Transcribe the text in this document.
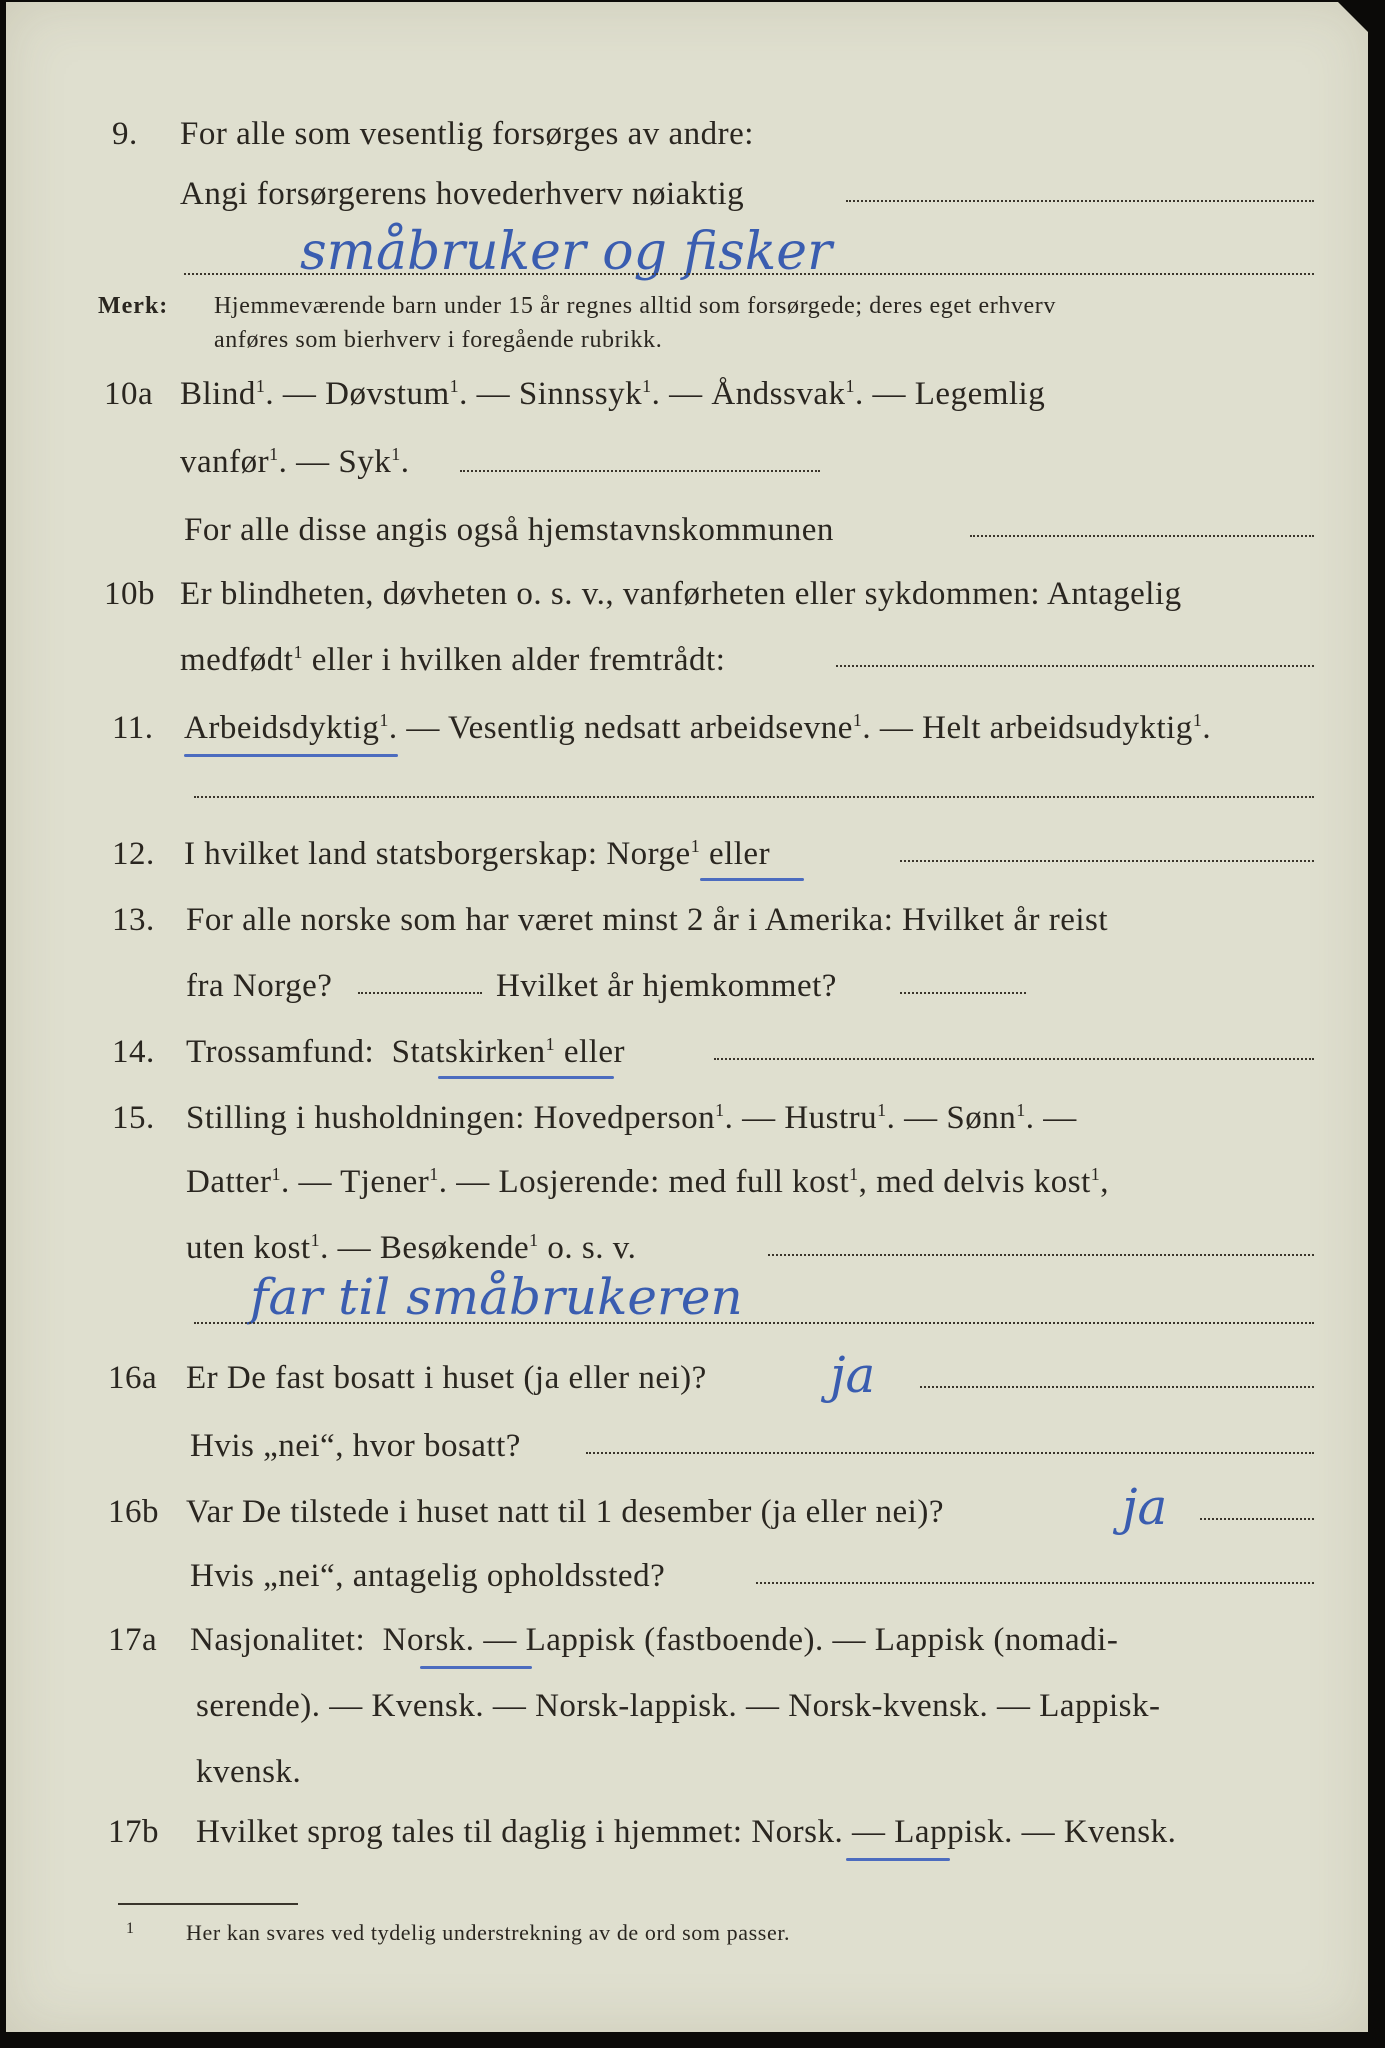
9. For alle som vesentlig forsørges av andre:
Angi forsørgerens hovederhverv nøiaktig
småbruker og fisker
Merk: Hjemmeværende barn under 15 år regnes alltid som forsørgede; deres eget erhverv
anføres som bierhverv i foregående rubrikk.
10a Blind$^1$. — Døvstum$^1$. — Sinnssyk$^1$. — Åndssvak$^1$. — Legemlig
vanfør$^1$. — Syk$^1$.
For alle disse angis også hjemstavnskommunen
10b Er blindheten, døvheten o. s. v., vanførheten eller sykdommen: Antagelig
medfødt$^1$ eller i hvilken alder fremtrådt:
11. Arbeidsdyktig$^1$. — Vesentlig nedsatt arbeidsevne$^1$. — Helt arbeidsudyktig$^1$.
12. I hvilket land statsborgerskap: Norge$^1$ eller
13. For alle norske som har været minst 2 år i Amerika: Hvilket år reist
fra Norge?	Hvilket år hjemkommet?
14. Trossamfund: Statskirken$^1$ eller
15. Stilling i husholdningen: Hovedperson$^1$. — Hustru$^1$. — Sønn$^1$. —
Datter$^1$. — Tjener$^1$. — Losjerende: med full kost$^1$, med delvis kost$^1$,
uten kost$^1$. — Besøkende$^1$ o. s. v.
far til småbrukeren
16a Er De fast bosatt i huset (ja eller nei)? ja
Hvis „nei“, hvor bosatt?
16b Var De tilstede i huset natt til 1 desember (ja eller nei)?	ja
Hvis „nei“, antagelig opholdssted?
17a Nasjonalitet: Norsk. — Lappisk (fastboende). — Lappisk (nomadi-
serende). — Kvensk. — Norsk-lappisk. — Norsk-kvensk. — Lappisk-
kvensk.
17b Hvilket sprog tales til daglig i hjemmet: Norsk. — Lappisk. — Kvensk.
1 Her kan svares ved tydelig understrekning av de ord som passer.
